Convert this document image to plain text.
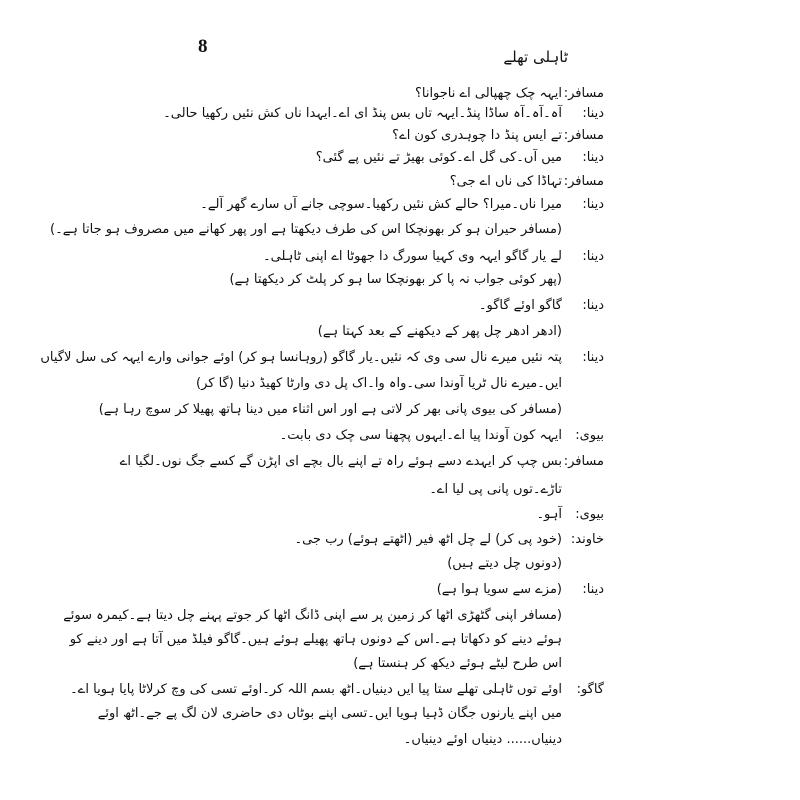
8	ٹاہلی تھلے
مسافر:
ایہہ چک چھپالی اے ناجوانا؟
دینا:
آہ۔آہ۔آہ ساڈا پنڈ۔ایہہ تاں بس پنڈ ای اے۔ایہدا ناں کش نئیں رکھیا حالی۔
مسافر:
تے ایس پنڈ دا چوہدری کون اے؟
دینا:
میں آں۔کی گل اے۔کوئی بھیڑ تے نئیں پے گئی؟
مسافر:
تہاڈا کی ناں اے جی؟
دینا:
میرا ناں۔میرا؟ حالے کش نئیں رکھیا۔سوچی جانے آں سارے گھر آلے۔
(مسافر حیران ہو کر بھونچکا اس کی طرف دیکھتا ہے اور پھر کھانے میں مصروف ہو جاتا ہے۔)
دینا:
لے یار گاگو ایہہ وی کہیا سورگ دا جھوٹا اے اپنی ٹاہلی۔
(پھر کوئی جواب نہ پا کر بھونچکا سا ہو کر پلٹ کر دیکھتا ہے)
دینا:
گاگو اوئے گاگو۔
(ادھر ادھر چل پھر کے دیکھنے کے بعد کہتا ہے)
دینا:
پتہ نئیں میرے نال سی وی کہ نئیں۔یار گاگو (روہانسا ہو کر) اوئے جوانی وارے ایہہ کی سل لاگیاں
ایں۔میرے نال ٹریا آوندا سی۔واہ وا۔اک پل دی وارٹا کھیڈ دنیا (گا کر)
(مسافر کی بیوی پانی بھر کر لاتی ہے اور اس اثناء میں دینا ہاتھ پھیلا کر سوچ رہا ہے)
بیوی:
ایہہ کون آوندا پیا اے۔ایہوں پچھنا سی چک دی بابت۔
مسافر:
بس چپ کر ایہدے دسے ہوئے راہ تے اپنے بال بچے ای اپڑن گے کسے جگ نوں۔لگیا اے
تاڑے۔توں پانی پی لیا اے۔
بیوی:
آہو۔
خاوند:
(خود پی کر) لے چل اٹھ فیر (اٹھتے ہوئے) رب جی۔
(دونوں چل دیتے ہیں)
دینا:
(مزے سے سویا ہوا ہے)
(مسافر اپنی گٹھڑی اٹھا کر زمین پر سے اپنی ڈانگ اٹھا کر جوتے پہنے چل دیتا ہے۔کیمرہ سوئے
ہوئے دینے کو دکھاتا ہے۔اس کے دونوں ہاتھ پھیلے ہوئے ہیں۔گاگو فیلڈ میں آتا ہے اور دینے کو
اس طرح لیٹے ہوئے دیکھ کر ہنستا ہے)
گاگو:
اوئے توں ٹاہلی تھلے ستا پیا ایں دینیاں۔اٹھ بسم اللہ کر۔اوئے تسی کی وچ کرلاٹا پایا ہویا اے۔
میں اپنے یارنوں جگان ڈہیا ہویا ایں۔تسی اپنے بوٹاں دی حاضری لان لگ پے جے۔اٹھ اوئے
دینیاں...... دینیاں اوئے دینیاں۔
